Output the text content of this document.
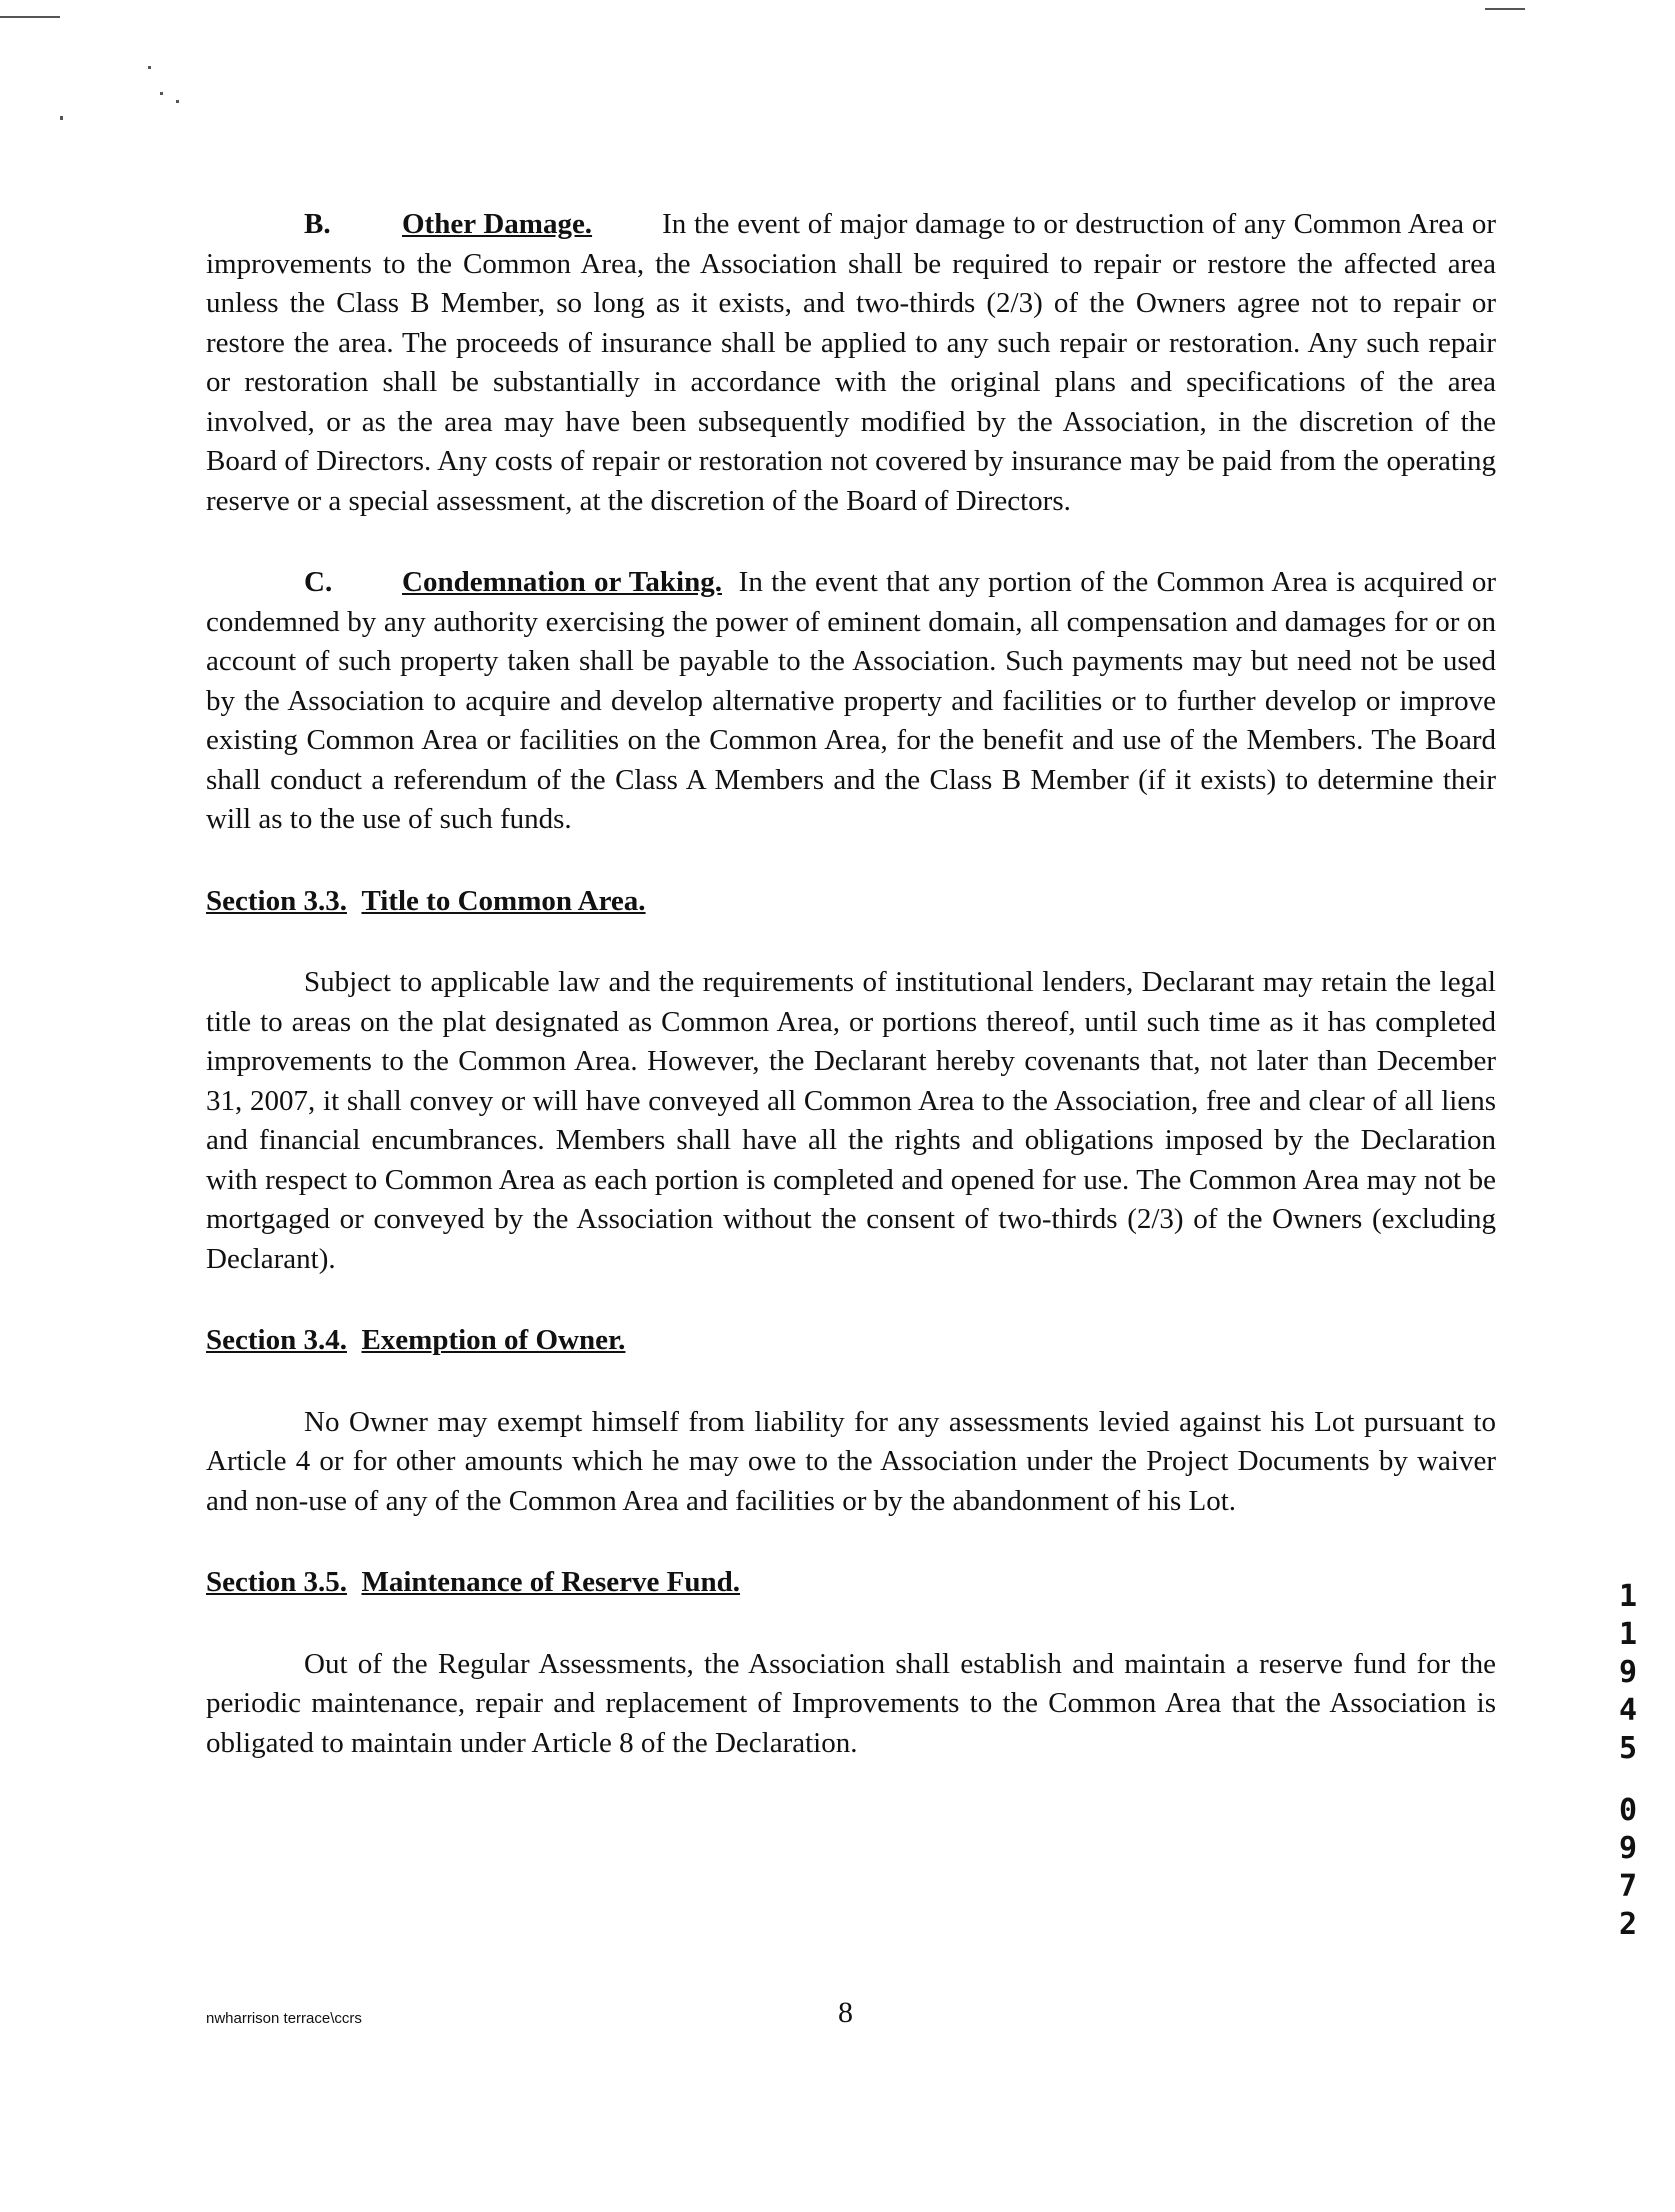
B. Other Damage. In the event of major damage to or destruction of any Common Area or improvements to the Common Area, the Association shall be required to repair or restore the affected area unless the Class B Member, so long as it exists, and two-thirds (2/3) of the Owners agree not to repair or restore the area. The proceeds of insurance shall be applied to any such repair or restoration. Any such repair or restoration shall be substantially in accordance with the original plans and specifications of the area involved, or as the area may have been subsequently modified by the Association, in the discretion of the Board of Directors. Any costs of repair or restoration not covered by insurance may be paid from the operating reserve or a special assessment, at the discretion of the Board of Directors.

C. Condemnation or Taking. In the event that any portion of the Common Area is acquired or condemned by any authority exercising the power of eminent domain, all compensation and damages for or on account of such property taken shall be payable to the Association. Such payments may but need not be used by the Association to acquire and develop alternative property and facilities or to further develop or improve existing Common Area or facilities on the Common Area, for the benefit and use of the Members. The Board shall conduct a referendum of the Class A Members and the Class B Member (if it exists) to determine their will as to the use of such funds.

Section 3.3. Title to Common Area.

Subject to applicable law and the requirements of institutional lenders, Declarant may retain the legal title to areas on the plat designated as Common Area, or portions thereof, until such time as it has completed improvements to the Common Area. However, the Declarant hereby covenants that, not later than December 31, 2007, it shall convey or will have conveyed all Common Area to the Association, free and clear of all liens and financial encumbrances. Members shall have all the rights and obligations imposed by the Declaration with respect to Common Area as each portion is completed and opened for use. The Common Area may not be mortgaged or conveyed by the Association without the consent of two-thirds (2/3) of the Owners (excluding Declarant).

Section 3.4. Exemption of Owner.

No Owner may exempt himself from liability for any assessments levied against his Lot pursuant to Article 4 or for other amounts which he may owe to the Association under the Project Documents by waiver and non-use of any of the Common Area and facilities or by the abandonment of his Lot.

Section 3.5. Maintenance of Reserve Fund.

Out of the Regular Assessments, the Association shall establish and maintain a reserve fund for the periodic maintenance, repair and replacement of Improvements to the Common Area that the Association is obligated to maintain under Article 8 of the Declaration.

nwharrison terrace\ccrs	8
1
1
9
4
5
0
9
7
2
